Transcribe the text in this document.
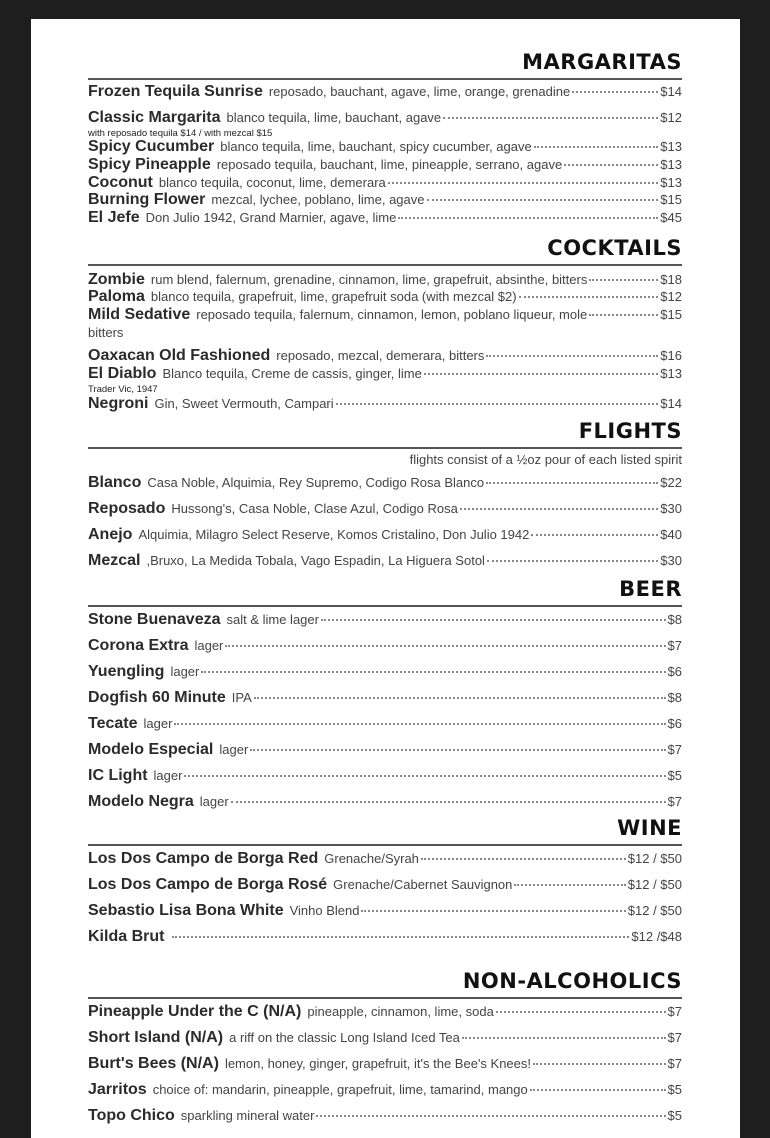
MARGARITAS
Frozen Tequila Sunrise reposado, bauchant, agave, lime, orange, grenadine	$14
Classic Margarita blanco tequila, lime, bauchant, agave	$12
with reposado tequila $14 / with mezcal $15
Spicy Cucumber blanco tequila, lime, bauchant, spicy cucumber, agave	$13
Spicy Pineapple reposado tequila, bauchant, lime, pineapple, serrano, agave	$13
Coconut blanco tequila, coconut, lime, demerara	$13
Burning Flower mezcal, lychee, poblano, lime, agave	$15
El Jefe Don Julio 1942, Grand Marnier, agave, lime	$45
COCKTAILS
Zombie rum blend, falernum, grenadine, cinnamon, lime, grapefruit, absinthe, bitters	$18
Paloma blanco tequila, grapefruit, lime, grapefruit soda (with mezcal $2)	$12
Mild Sedative reposado tequila, falernum, cinnamon, lemon, poblano liqueur, mole	$15
bitters
Oaxacan Old Fashioned reposado, mezcal, demerara, bitters	$16
El Diablo Blanco tequila, Creme de cassis, ginger, lime	$13
Trader Vic, 1947
Negroni Gin, Sweet Vermouth, Campari	$14
FLIGHTS
flights consist of a ½oz pour of each listed spirit
Blanco Casa Noble, Alquimia, Rey Supremo, Codigo Rosa Blanco	$22
Reposado Hussong's, Casa Noble, Clase Azul, Codigo Rosa	$30
Anejo Alquimia, Milagro Select Reserve, Komos Cristalino, Don Julio 1942	$40
Mezcal ,Bruxo, La Medida Tobala, Vago Espadin, La Higuera Sotol	$30
BEER
Stone Buenaveza salt & lime lager	$8
Corona Extra lager	$7
Yuengling lager	$6
Dogfish 60 Minute IPA	$8
Tecate lager	$6
Modelo Especial lager	$7
IC Light lager	$5
Modelo Negra lager	$7
WINE
Los Dos Campo de Borga Red Grenache/Syrah	$12 / $50
Los Dos Campo de Borga Rosé Grenache/Cabernet Sauvignon	$12 / $50
Sebastio Lisa Bona White Vinho Blend	$12 / $50
Kilda Brut	$12 /$48
NON-ALCOHOLICS
Pineapple Under the C (N/A) pineapple, cinnamon, lime, soda	$7
Short Island (N/A) a riff on the classic Long Island Iced Tea	$7
Burt's Bees (N/A) lemon, honey, ginger, grapefruit, it's the Bee's Knees!	$7
Jarritos choice of: mandarin, pineapple, grapefruit, lime, tamarind, mango	$5
Topo Chico sparkling mineral water	$5
